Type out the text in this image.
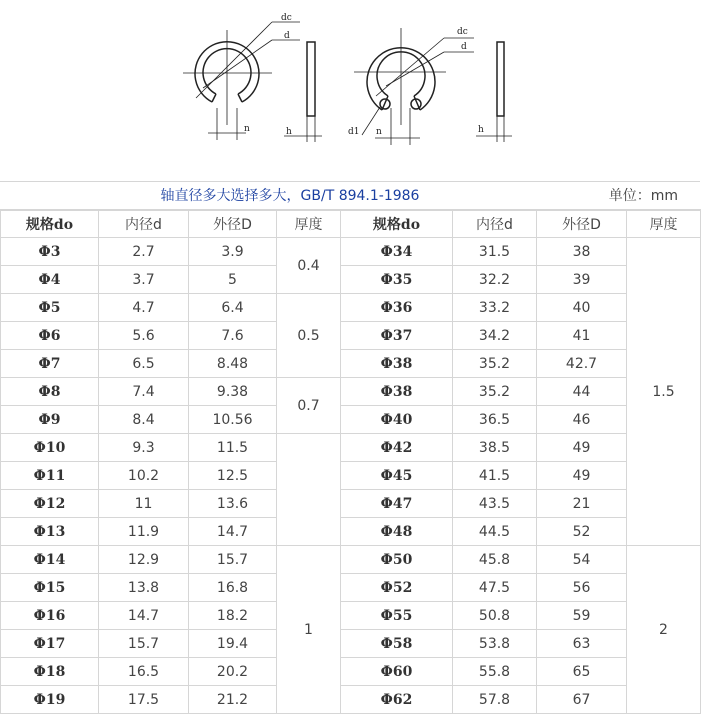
dc
d
n	h
dc
d
d1 n	h
轴直径多大选择多大，GB/T 894.1-1986	单位：mm
规格do	内径d	外径D	厚度	规格do	内径d	外径D	厚度
Φ3	2.7	3.9	0.4	Φ34	31.5	38	1.5
Φ4	3.7	5		Φ35	32.2	39	
Φ5	4.7	6.4	0.5	Φ36	33.2	40	
Φ6	5.6	7.6		Φ37	34.2	41	
Φ7	6.5	8.48		Φ38	35.2	42.7	
Φ8	7.4	9.38	0.7	Φ38	35.2	44	
Φ9	8.4	10.56		Φ40	36.5	46	
Φ10	9.3	11.5		Φ42	38.5	49	
Φ11	10.2	12.5		Φ45	41.5	49	
Φ12	11	13.6		Φ47	43.5	21	
Φ13	11.9	14.7		Φ48	44.5	52	
Φ14	12.9	15.7	1	Φ50	45.8	54	2
Φ15	13.8	16.8		Φ52	47.5	56	
Φ16	14.7	18.2		Φ55	50.8	59	
Φ17	15.7	19.4		Φ58	53.8	63	
Φ18	16.5	20.2		Φ60	55.8	65	
Φ19	17.5	21.2		Φ62	57.8	67	
